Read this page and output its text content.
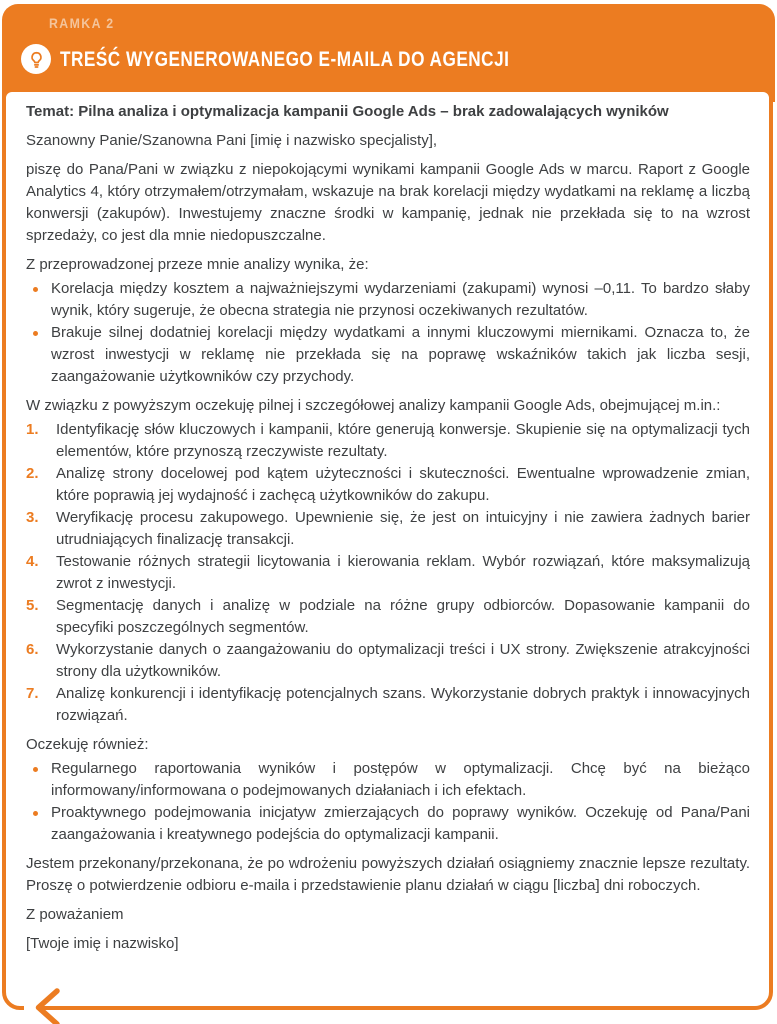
RAMKA 2
TREŚĆ WYGENEROWANEGO E-MAILA DO AGENCJI

Temat: Pilna analiza i optymalizacja kampanii Google Ads – brak zadowalających wyników

Szanowny Panie/Szanowna Pani [imię i nazwisko specjalisty],

piszę do Pana/Pani w związku z niepokojącymi wynikami kampanii Google Ads w marcu. Raport z Google Analytics 4, który otrzymałem/otrzymałam, wskazuje na brak korelacji między wydatkami na reklamę a liczbą konwersji (zakupów). Inwestujemy znaczne środki w kampanię, jednak nie przekłada się to na wzrost sprzedaży, co jest dla mnie niedopuszczalne.

Z przeprowadzonej przeze mnie analizy wynika, że:

Korelacja między kosztem a najważniejszymi wydarzeniami (zakupami) wynosi –0,11. To bardzo słaby wynik, który sugeruje, że obecna strategia nie przynosi oczekiwanych rezultatów.
Brakuje silnej dodatniej korelacji między wydatkami a innymi kluczowymi miernikami. Oznacza to, że wzrost inwestycji w reklamę nie przekłada się na poprawę wskaźników takich jak liczba sesji, zaangażowanie użytkowników czy przychody.

W związku z powyższym oczekuję pilnej i szczegółowej analizy kampanii Google Ads, obejmującej m.in.:

1.	Identyfikację słów kluczowych i kampanii, które generują konwersje. Skupienie się na optymalizacji tych elementów, które przynoszą rzeczywiste rezultaty.
2.	Analizę strony docelowej pod kątem użyteczności i skuteczności. Ewentualne wprowadzenie zmian, które poprawią jej wydajność i zachęcą użytkowników do zakupu.
3.	Weryfikację procesu zakupowego. Upewnienie się, że jest on intuicyjny i nie zawiera żadnych barier utrudniających finalizację transakcji.
4.	Testowanie różnych strategii licytowania i kierowania reklam. Wybór rozwiązań, które maksymalizują zwrot z inwestycji.
5.	Segmentację danych i analizę w podziale na różne grupy odbiorców. Dopasowanie kampanii do specyfiki poszczególnych segmentów.
6.	Wykorzystanie danych o zaangażowaniu do optymalizacji treści i UX strony. Zwiększenie atrakcyjności strony dla użytkowników.
7.	Analizę konkurencji i identyfikację potencjalnych szans. Wykorzystanie dobrych praktyk i innowacyjnych rozwiązań.

Oczekuję również:

Regularnego raportowania wyników i postępów w optymalizacji. Chcę być na bieżąco informowany/informowana o podejmowanych działaniach i ich efektach.
Proaktywnego podejmowania inicjatyw zmierzających do poprawy wyników. Oczekuję od Pana/Pani zaangażowania i kreatywnego podejścia do optymalizacji kampanii.

Jestem przekonany/przekonana, że po wdrożeniu powyższych działań osiągniemy znacznie lepsze rezultaty. Proszę o potwierdzenie odbioru e-maila i przedstawienie planu działań w ciągu [liczba] dni roboczych.

Z poważaniem

[Twoje imię i nazwisko]
